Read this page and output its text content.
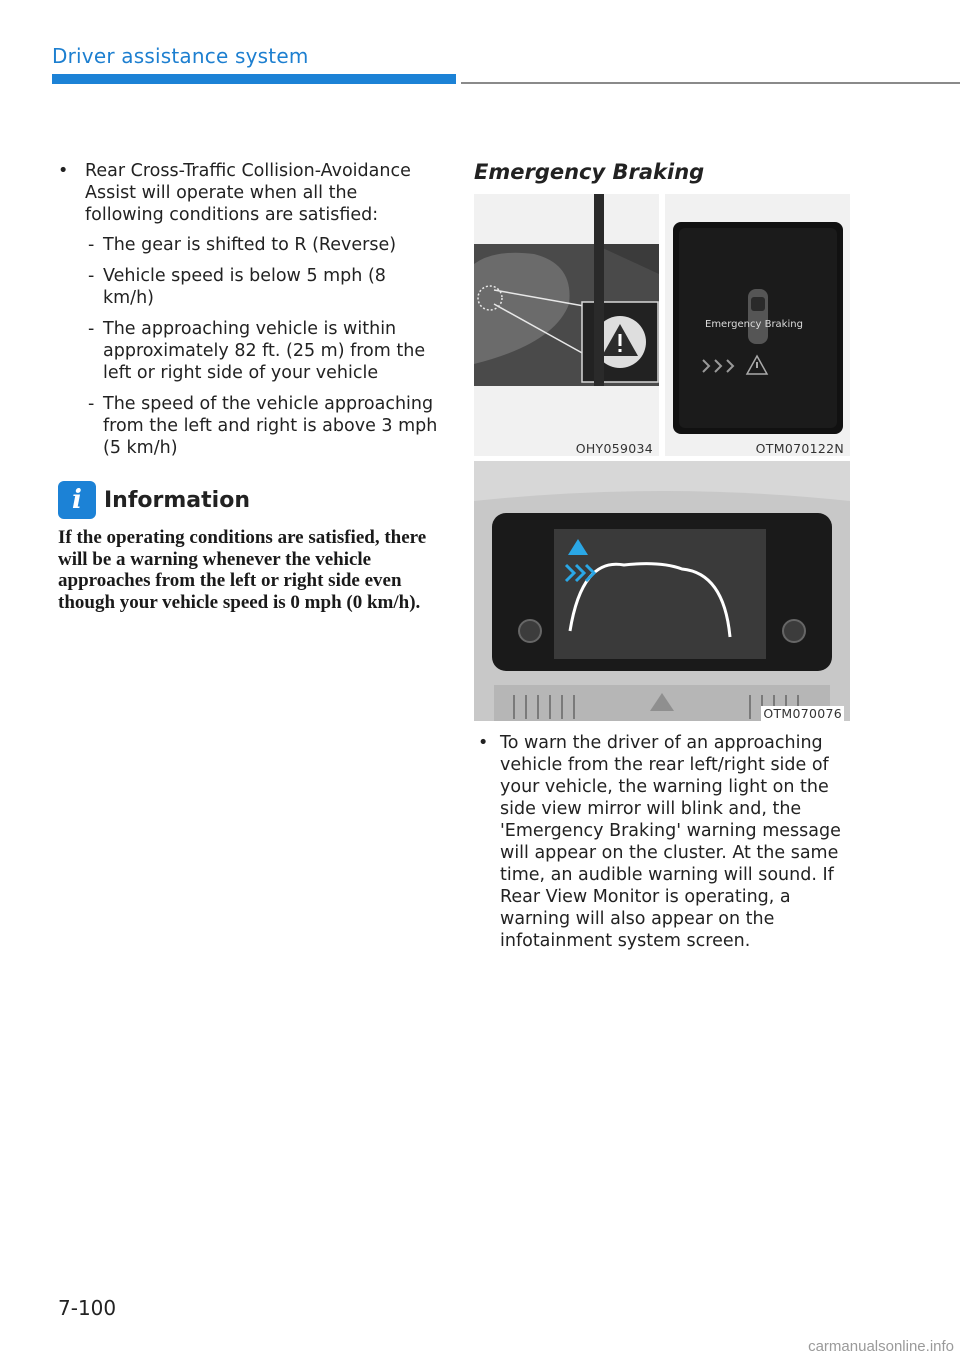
Driver assistance system
• Rear Cross-Traffic Collision-Avoidance Assist will operate when all the following conditions are satisfied:
- The gear is shifted to R (Reverse)
- Vehicle speed is below 5 mph (8 km/h)
- The approaching vehicle is within approximately 82 ft. (25 m) from the left or right side of your vehicle
- The speed of the vehicle approaching from the left and right is above 3 mph (5 km/h)
i	Information
If the operating conditions are satisfied, there will be a warning whenever the vehicle approaches from the left or right side even though your vehicle speed is 0 mph (0 km/h).
Emergency Braking
OHY059034
Emergency Braking
OTM070122N
OTM070076
• To warn the driver of an approaching vehicle from the rear left/right side of your vehicle, the warning light on the side view mirror will blink and, the 'Emergency Braking' warning message will appear on the cluster. At the same time, an audible warning will sound. If Rear View Monitor is operating, a warning will also appear on the infotainment system screen.
7-100
carmanualsonline.info
